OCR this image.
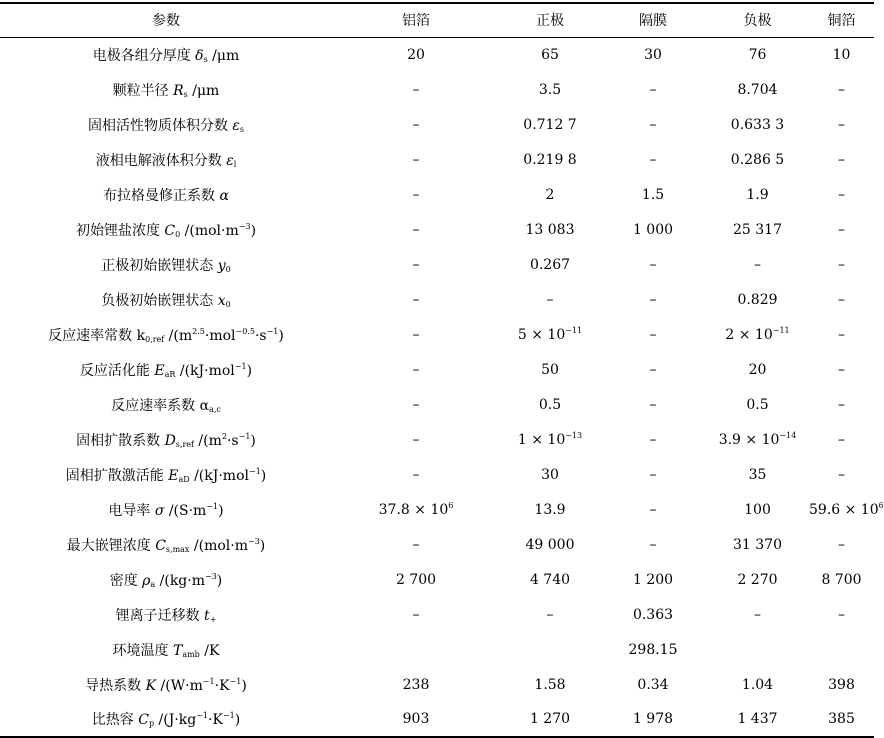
参数	铝箔	正极	隔膜	负极	铜箔
电极各组分厚度 $\delta_s$ /μm	20	65	30	76	10
颗粒半径 $R_s$ /μm	–	3.5	–	8.704	–
固相活性物质体积分数 $\varepsilon_s$	–	0.712 7	–	0.633 3	–
液相电解液体积分数 $\varepsilon_l$	–	0.219 8	–	0.286 5	–
布拉格曼修正系数 α	–	2	1.5	1.9	–
初始锂盐浓度 $C_0$ $/(mol\cdot m^{-3})$	–	13 083	1 000	25 317	–
正极初始嵌锂状态 $y_0$	–	0.267	–	–	–
负极初始嵌锂状态 $x_0$	–	–	–	0.829	–
反应速率常数 $k_{0,ref}$ $/(m^{2.5}\cdot mol^{-0.5}\cdot s^{-1})$	–	$5 \times 10^{-11}$	–	$2 \times 10^{-11}$	–
反应活化能 $E_{aR}$ /(kJ·mol$^{-1}$)	–	50	–	20	–
反应速率系数 $\alpha_{a,c}$	–	0.5	–	0.5	–
固相扩散系数 $D_{s,ref}$ $/(m^2\cdot s^{-1})$	–	$1 \times 10^{-13}$	–	$3.9 \times 10^{-14}$	–
固相扩散激活能 $E_{aD}$ /(kJ·mol$^{-1}$)	–	30	–	35	–
电导率 σ $/(S\cdot m^{-1})$	$37.8 \times 10^6$	13.9	–	100	$59.6 \times 10^6$
最大嵌锂浓度 $C_{s,max}$ $/(mol\cdot m^{-3})$	–	49 000	–	31 370	–
密度 $\rho_a$ $/(kg\cdot m^{-3})$	2 700	4 740	1 200	2 270	8 700
锂离子迁移数 $t_+$	–	–	0.363	–	–
环境温度 $T_{amb}$ /K			298.15		
导热系数 K $/(W\cdot m^{-1}\cdot K^{-1})$	238	1.58	0.34	1.04	398
比热容 $C_p$ $/(J\cdot kg^{-1}\cdot K^{-1})$	903	1 270	1 978	1 437	385
